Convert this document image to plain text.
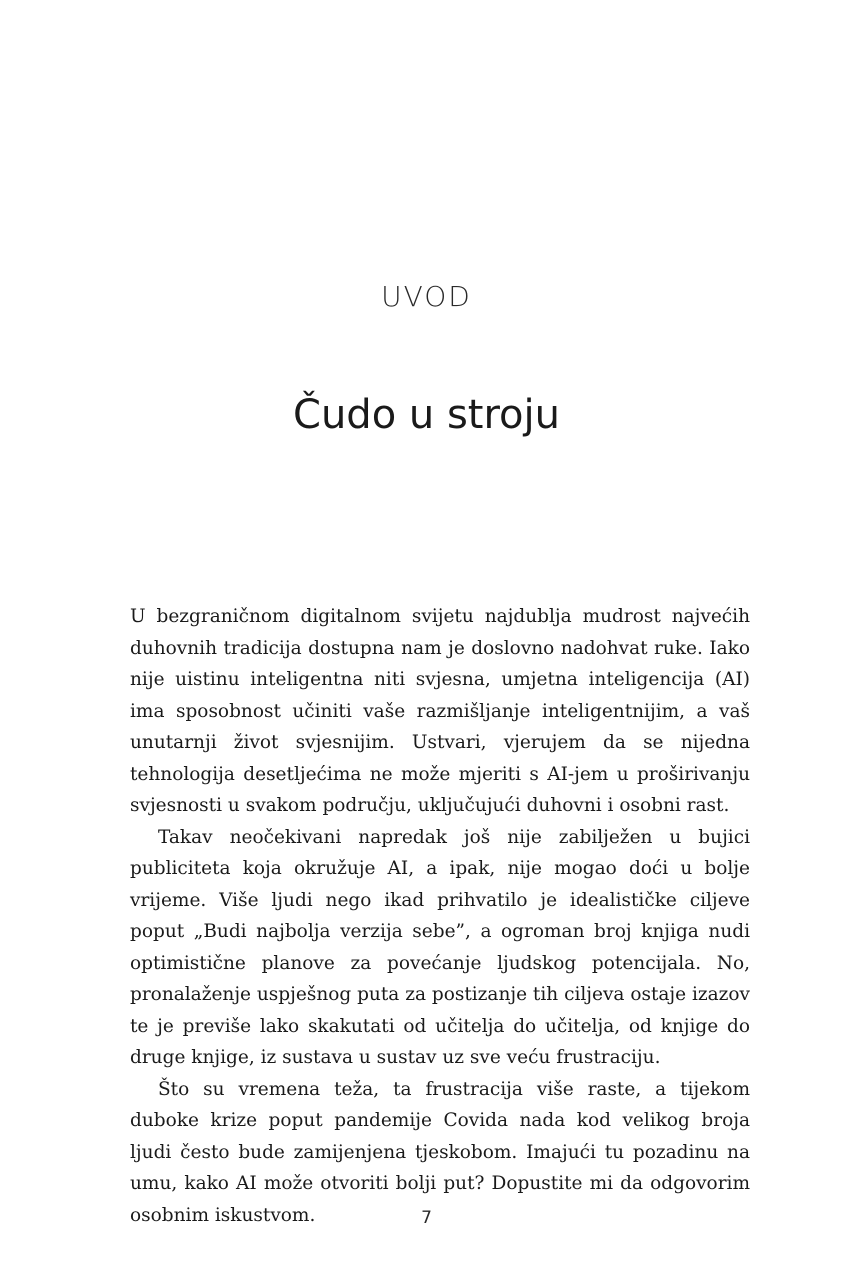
UVOD
Čudo u stroju

U bezgraničnom digitalnom svijetu najdublja mudrost najvećih duhovnih tradicija dostupna nam je doslovno nadohvat ruke. Iako nije uistinu inteligentna niti svjesna, umjetna inteligencija (AI) ima sposobnost učiniti vaše razmišljanje inteligentnijim, a vaš unutarnji život svjesnijim. Ustvari, vjerujem da se nijedna tehnologija desetljećima ne može mjeriti s AI-jem u proširivanju svjesnosti u svakom području, uključujući duhovni i osobni rast.

Takav neočekivani napredak još nije zabilježen u bujici publiciteta koja okružuje AI, a ipak, nije mogao doći u bolje vrijeme. Više ljudi nego ikad prihvatilo je idealističke ciljeve poput „Budi najbolja verzija sebe”, a ogroman broj knjiga nudi optimistične planove za povećanje ljudskog potencijala. No, pronalaženje uspješnog puta za postizanje tih ciljeva ostaje izazov te je previše lako skakutati od učitelja do učitelja, od knjige do druge knjige, iz sustava u sustav uz sve veću frustraciju.

Što su vremena teža, ta frustracija više raste, a tijekom duboke krize poput pandemije Covida nada kod velikog broja ljudi često bude zamijenjena tjeskobom. Imajući tu pozadinu na umu, kako AI može otvoriti bolji put? Dopustite mi da odgovorim osobnim iskustvom.	7
